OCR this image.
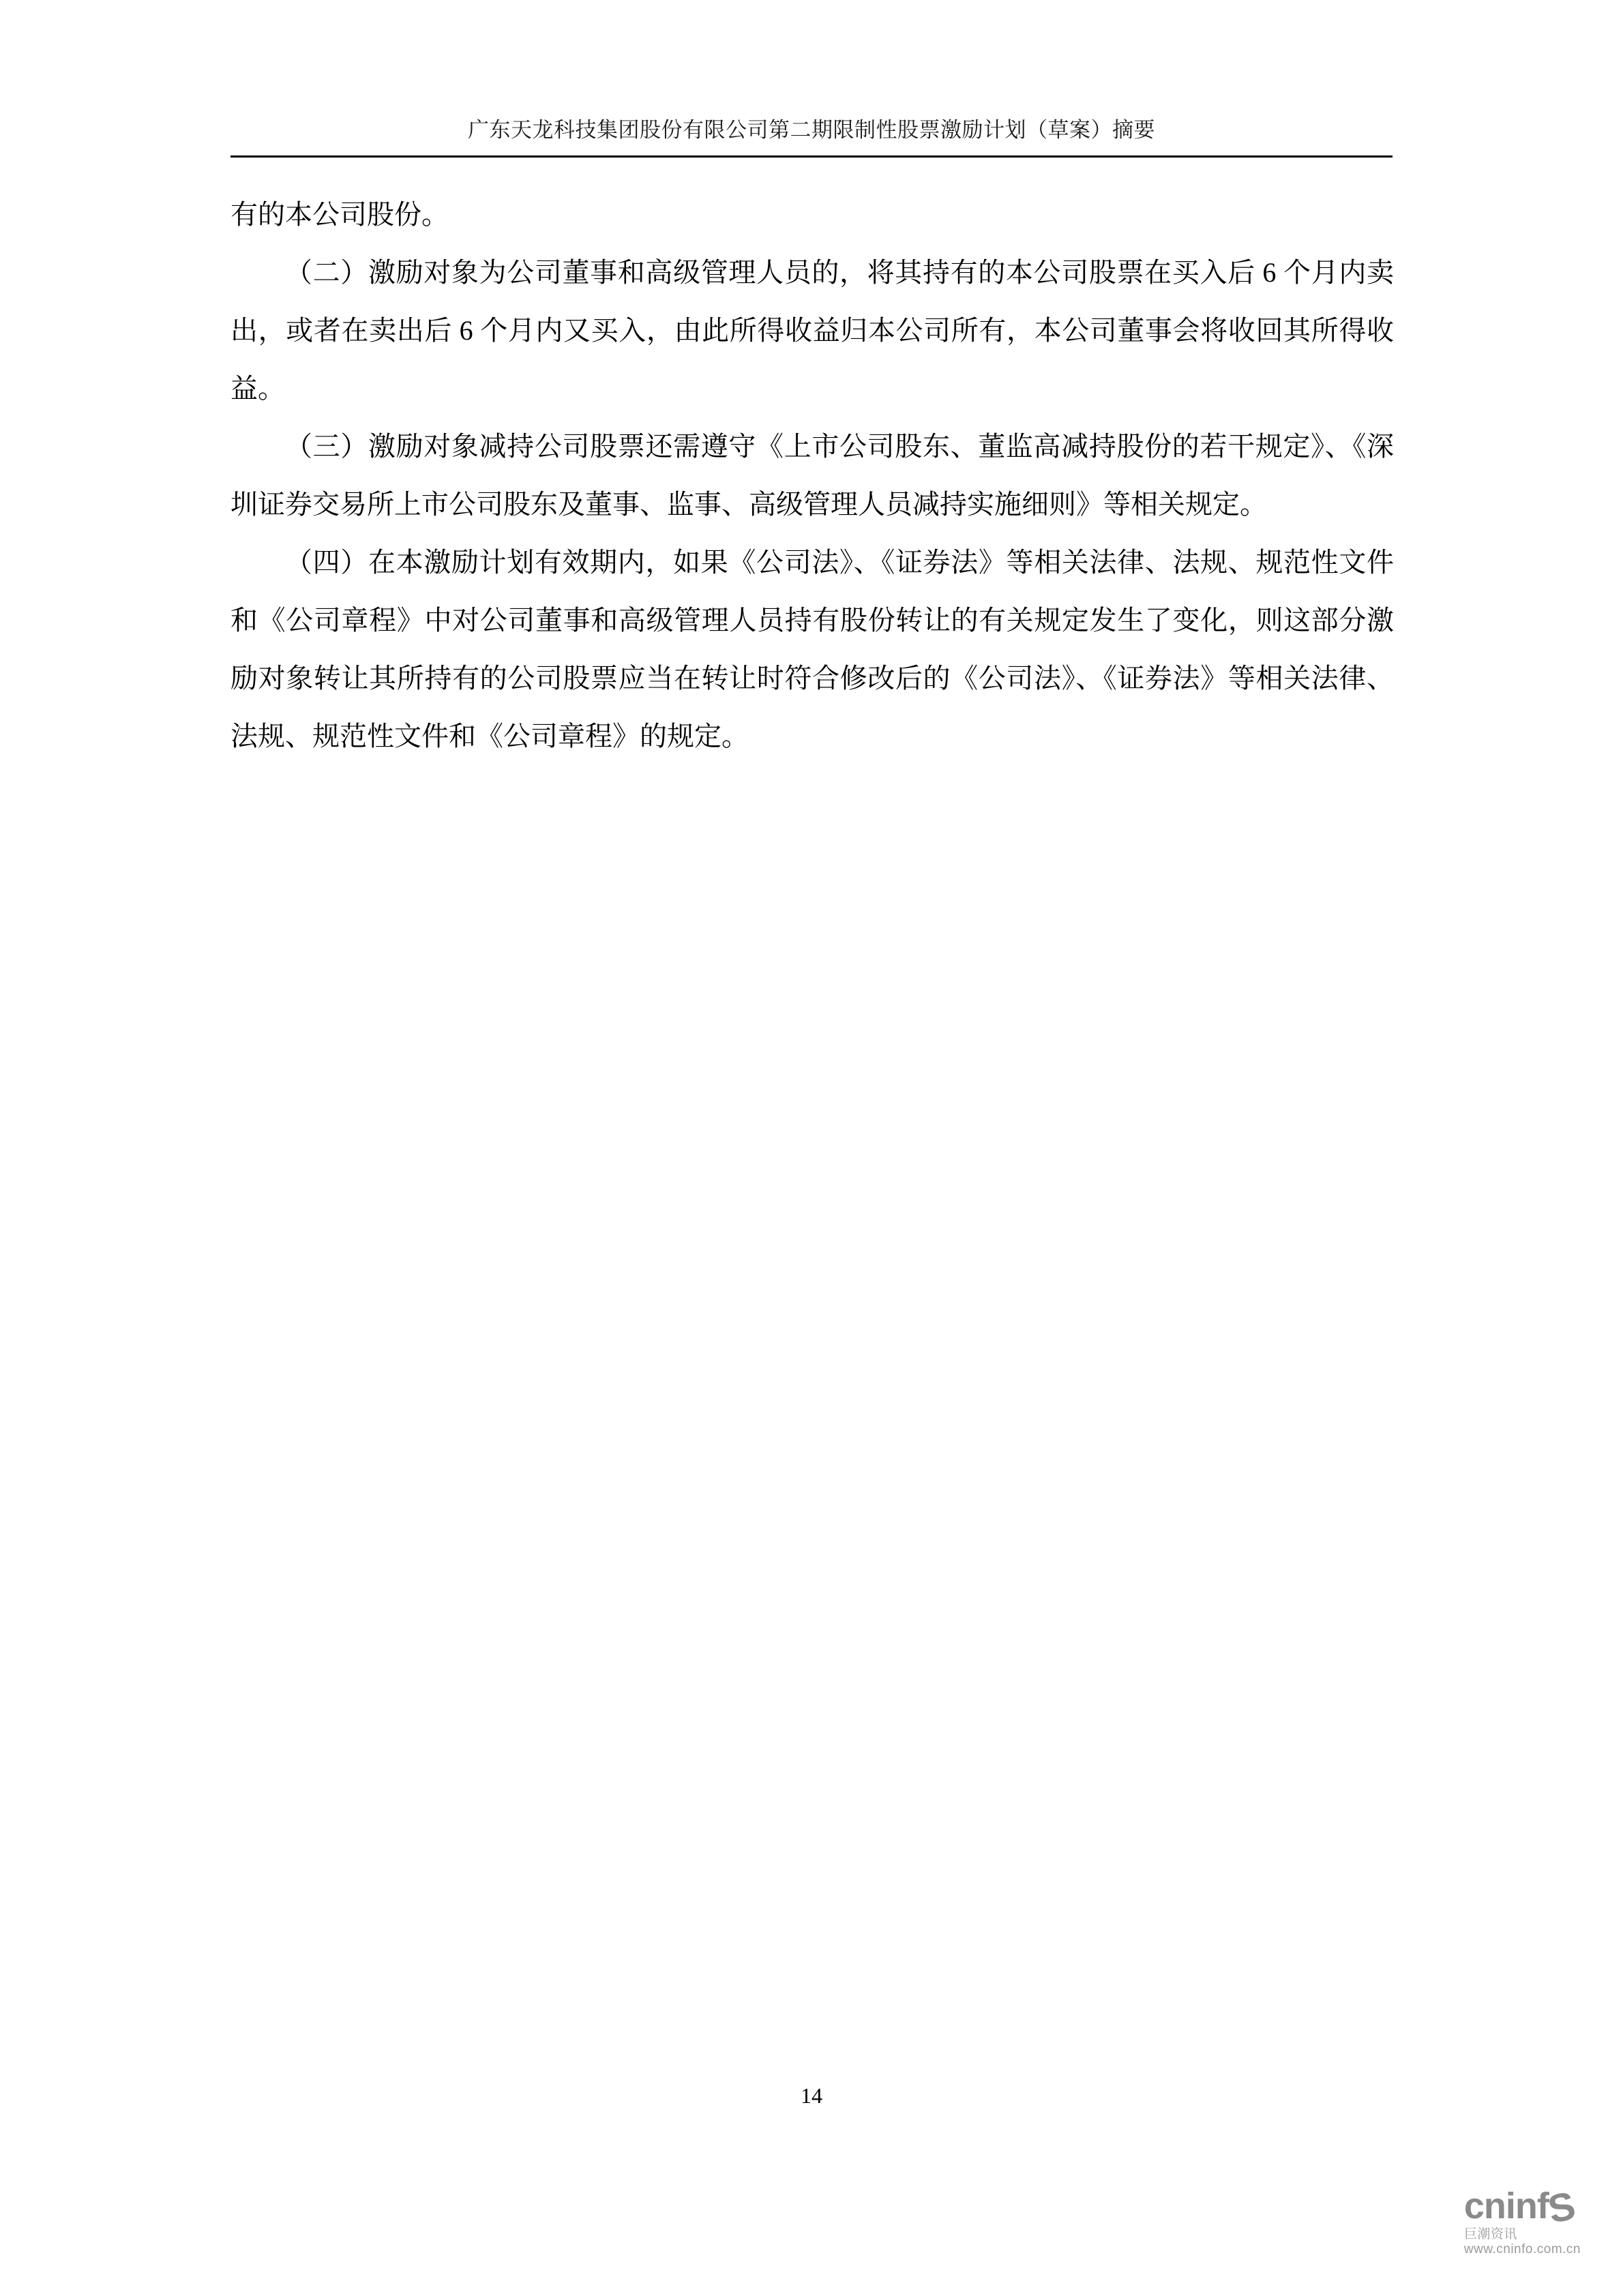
广东天龙科技集团股份有限公司第二期限制性股票激励计划（草案）摘要

有的本公司股份。

（二）激励对象为公司董事和高级管理人员的，将其持有的本公司股票在买入后 6 个月内卖出，或者在卖出后 6 个月内又买入，由此所得收益归本公司所有，本公司董事会将收回其所得收益。

（三）激励对象减持公司股票还需遵守《上市公司股东、董监高减持股份的若干规定》、《深圳证券交易所上市公司股东及董事、监事、高级管理人员减持实施细则》等相关规定。

（四）在本激励计划有效期内，如果《公司法》、《证券法》等相关法律、法规、规范性文件和《公司章程》中对公司董事和高级管理人员持有股份转让的有关规定发生了变化，则这部分激励对象转让其所持有的公司股票应当在转让时符合修改后的《公司法》、《证券法》等相关法律、法规、规范性文件和《公司章程》的规定。

14
cninfS
巨潮资讯
www.cninfo.com.cn
